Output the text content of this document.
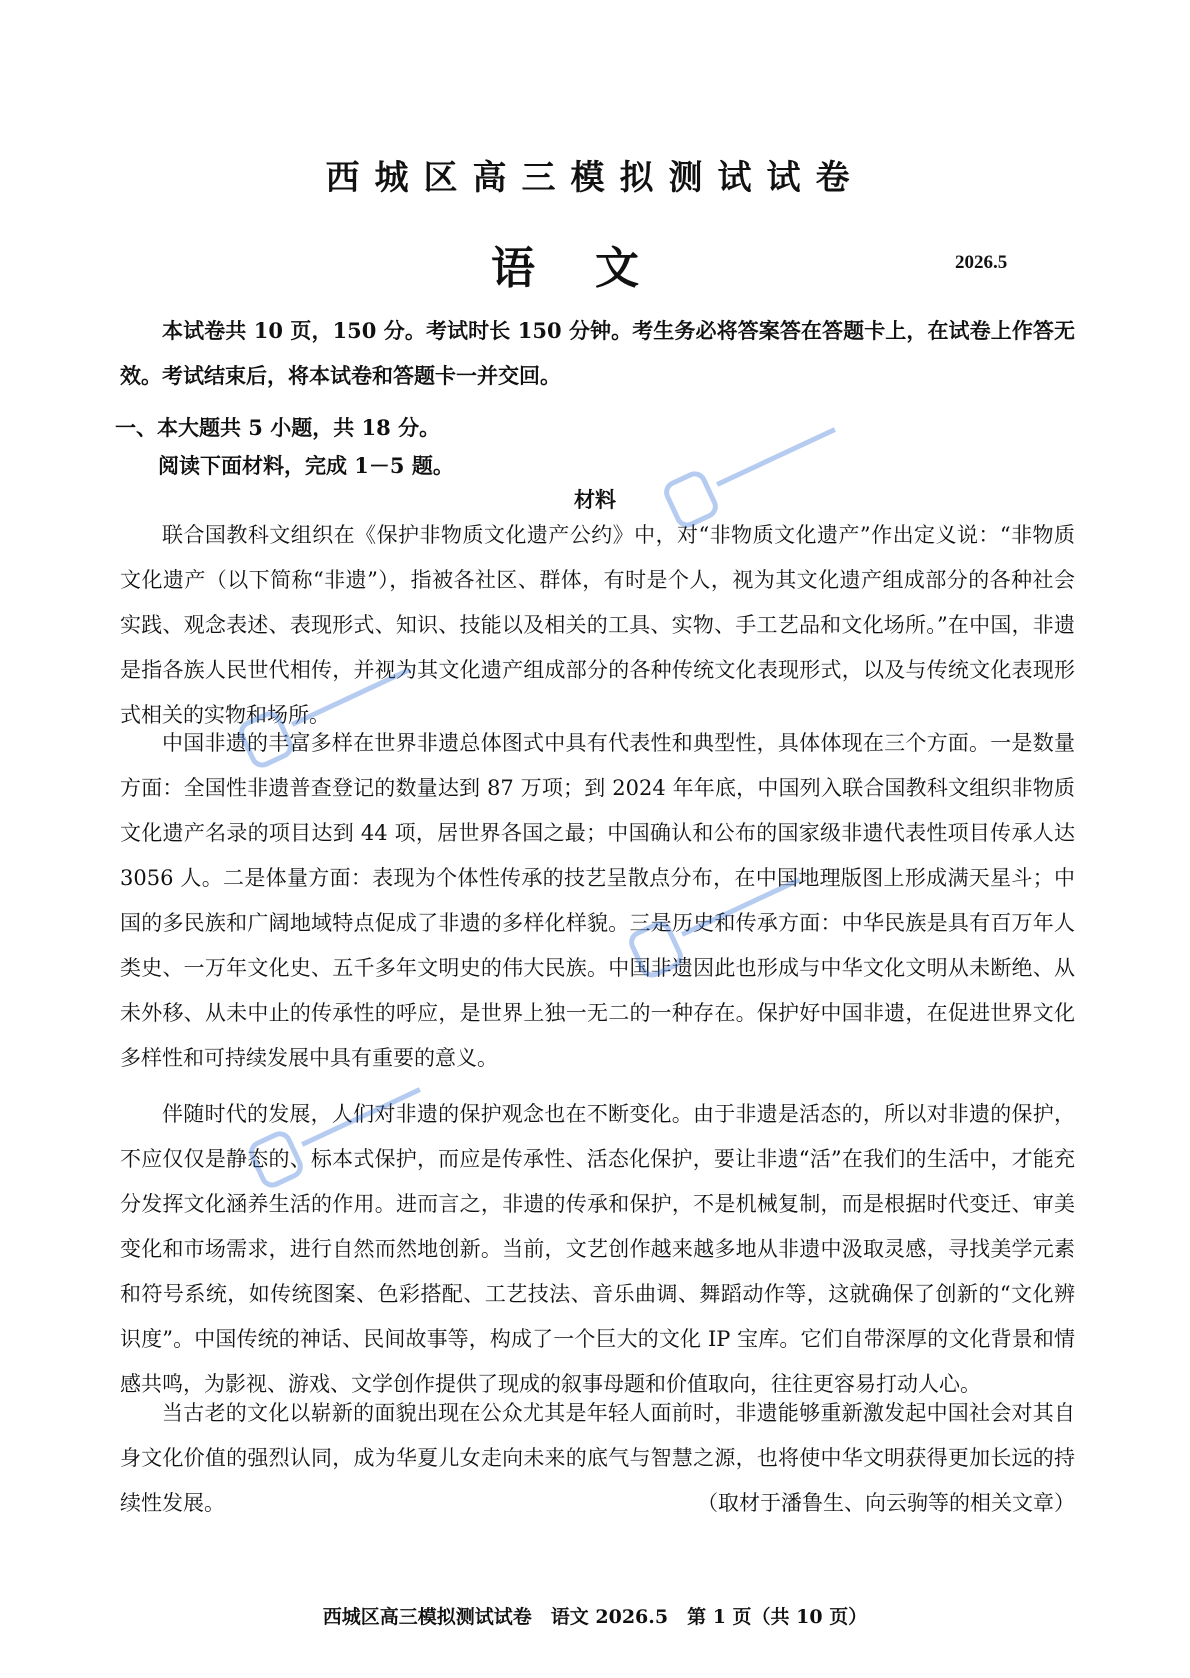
西城区高三模拟测试试卷
语文	2026.5

本试卷共 10 页，150 分。考试时长 150 分钟。考生务必将答案答在答题卡上，在试卷上作答无效。考试结束后，将本试卷和答题卡一并交回。

一、本大题共 5 小题，共 18 分。

阅读下面材料，完成 1－5 题。

材料

联合国教科文组织在《保护非物质文化遗产公约》中，对“非物质文化遗产”作出定义说：“非物质文化遗产（以下简称“非遗”），指被各社区、群体，有时是个人，视为其文化遗产组成部分的各种社会实践、观念表述、表现形式、知识、技能以及相关的工具、实物、手工艺品和文化场所。”在中国，非遗是指各族人民世代相传，并视为其文化遗产组成部分的各种传统文化表现形式，以及与传统文化表现形式相关的实物和场所。

中国非遗的丰富多样在世界非遗总体图式中具有代表性和典型性，具体体现在三个方面。一是数量方面：全国性非遗普查登记的数量达到 87 万项；到 2024 年年底，中国列入联合国教科文组织非物质文化遗产名录的项目达到 44 项，居世界各国之最；中国确认和公布的国家级非遗代表性项目传承人达 3056 人。二是体量方面：表现为个体性传承的技艺呈散点分布，在中国地理版图上形成满天星斗；中国的多民族和广阔地域特点促成了非遗的多样化样貌。三是历史和传承方面：中华民族是具有百万年人类史、一万年文化史、五千多年文明史的伟大民族。中国非遗因此也形成与中华文化文明从未断绝、从未外移、从未中止的传承性的呼应，是世界上独一无二的一种存在。保护好中国非遗，在促进世界文化多样性和可持续发展中具有重要的意义。

伴随时代的发展，人们对非遗的保护观念也在不断变化。由于非遗是活态的，所以对非遗的保护，不应仅仅是静态的、标本式保护，而应是传承性、活态化保护，要让非遗“活”在我们的生活中，才能充分发挥文化涵养生活的作用。进而言之，非遗的传承和保护，不是机械复制，而是根据时代变迁、审美变化和市场需求，进行自然而然地创新。当前，文艺创作越来越多地从非遗中汲取灵感，寻找美学元素和符号系统，如传统图案、色彩搭配、工艺技法、音乐曲调、舞蹈动作等，这就确保了创新的“文化辨识度”。中国传统的神话、民间故事等，构成了一个巨大的文化 IP 宝库。它们自带深厚的文化背景和情感共鸣，为影视、游戏、文学创作提供了现成的叙事母题和价值取向，往往更容易打动人心。

当古老的文化以崭新的面貌出现在公众尤其是年轻人面前时，非遗能够重新激发起中国社会对其自身文化价值的强烈认同，成为华夏儿女走向未来的底气与智慧之源，也将使中华文明获得更加长远的持续性发展。	（取材于潘鲁生、向云驹等的相关文章）

西城区高三模拟测试试卷　语文 2026.5　第 1 页（共 10 页）
